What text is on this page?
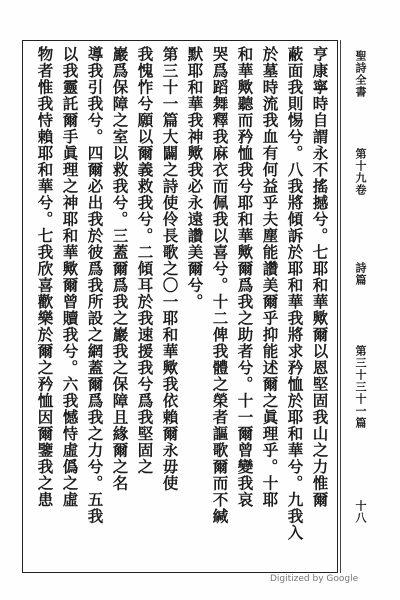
聖詩全書
第十九卷
詩篇
第三十三十一篇
十八
亨康寧時自謂永不搖撼兮。七耶和華歟爾以恩堅固我山之力惟爾
蔽面我則惕兮。八我將傾訴於耶和華我將求矜恤於耶和華兮。九我入
於墓時流我血有何益乎夫塵能讚美爾乎抑能述爾之眞理乎。十耶
和華歟聽而矜恤我兮耶和華歟爾爲我之助者兮。十一爾曾變我哀
哭爲蹈舞釋我麻衣而佩我以喜兮。十二俾我體之榮者謳歌爾而不緘
默耶和華我神歟我必永遠讚美爾兮。
第三十一篇大闢之詩使伶長歌之〇一耶和華歟我依賴爾永毋使
我愧怍兮願以爾義救我兮。二傾耳於我速援我兮爲我堅固之
巖爲保障之室以救我兮。三蓋爾爲我之巖我之保障且緣爾之名
導我引我兮。四爾必出我於彼爲我所設之網蓋爾爲我之力兮。五我
以我靈託爾手眞理之神耶和華歟爾曾贖我兮。六我憾恃虛僞之虛
物者惟我恃賴耶和華兮。七我欣喜歡樂於爾之矜恤因爾鑒我之患
Digitized by Google
